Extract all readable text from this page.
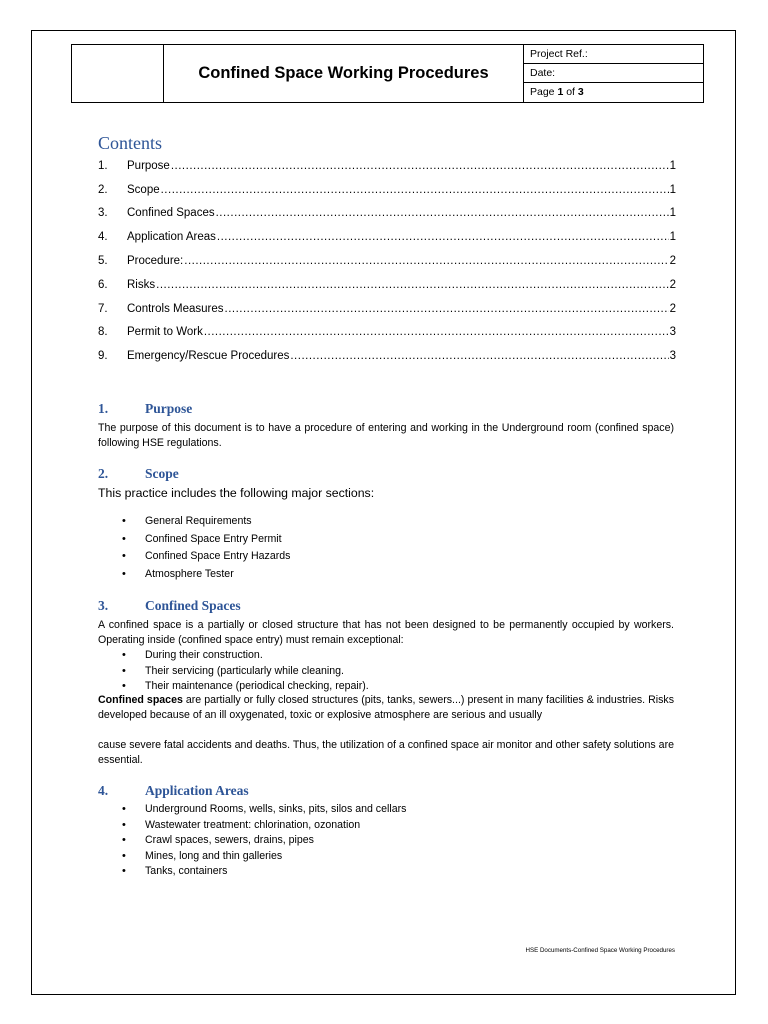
Confined Space Working Procedures
Project Ref.:
Date:
Page 1 of 3
Contents
1.	Purpose .....	1
2.	Scope .....	1
3.	Confined Spaces .....	1
4.	Application Areas .....	1
5.	Procedure: .....	2
6.	Risks .....	2
7.	Controls Measures .....	2
8.	Permit to Work .....	3
9.	Emergency/Rescue Procedures .....	3
1.	Purpose
The purpose of this document is to have a procedure of entering and working in the Underground room (confined space) following HSE regulations.
2.	Scope
This practice includes the following major sections:
• General Requirements
• Confined Space Entry Permit
• Confined Space Entry Hazards
• Atmosphere Tester
3.	Confined Spaces
A confined space is a partially or closed structure that has not been designed to be permanently occupied by workers. Operating inside (confined space entry) must remain exceptional:
• During their construction.
• Their servicing (particularly while cleaning.
• Their maintenance (periodical checking, repair).
Confined spaces are partially or fully closed structures (pits, tanks, sewers...) present in many facilities & industries. Risks developed because of an ill oxygenated, toxic or explosive atmosphere are serious and usually
cause severe fatal accidents and deaths. Thus, the utilization of a confined space air monitor and other safety solutions are essential.
4.	Application Areas
• Underground Rooms, wells, sinks, pits, silos and cellars
• Wastewater treatment: chlorination, ozonation
• Crawl spaces, sewers, drains, pipes
• Mines, long and thin galleries
• Tanks, containers
HSE Documents-Confined Space Working Procedures
